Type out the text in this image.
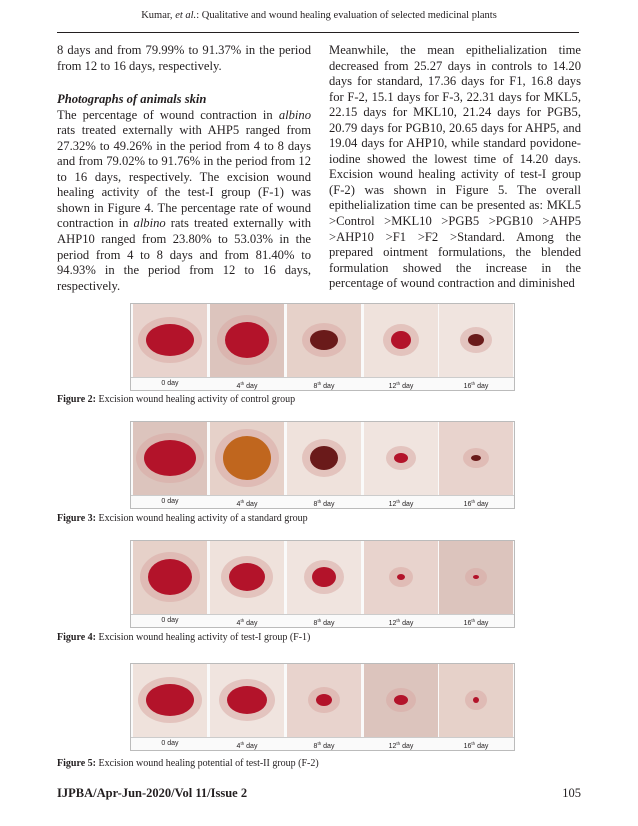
Kumar, et al.: Qualitative and wound healing evaluation of selected medicinal plants

8 days and from 79.99% to 91.37% in the period from 12 to 16 days, respectively.

Photographs of animals skin

The percentage of wound contraction in albino rats treated externally with AHP5 ranged from 27.32% to 49.26% in the period from 4 to 8 days and from 79.02% to 91.76% in the period from 12 to 16 days, respectively. The excision wound healing activity of the test-I group (F-1) was shown in Figure 4. The percentage rate of wound contraction in albino rats treated externally with AHP10 ranged from 23.80% to 53.03% in the period from 4 to 8 days and from 81.40% to 94.93% in the period from 12 to 16 days, respectively.

Meanwhile, the mean epithelialization time decreased from 25.27 days in controls to 14.20 days for standard, 17.36 days for F1, 16.8 days for F-2, 15.1 days for F-3, 22.31 days for MKL5, 22.15 days for MKL10, 21.24 days for PGB5, 20.79 days for PGB10, 20.65 days for AHP5, and 19.04 days for AHP10, while standard povidone-iodine showed the lowest time of 14.20 days. Excision wound healing activity of test-I group (F-2) was shown in Figure 5. The overall epithelialization time can be presented as: MKL5 >Control >MKL10 >PGB5 >PGB10 >AHP5 >AHP10 >F1 >F2 >Standard. Among the prepared ointment formulations, the blended formulation showed the increase in the percentage of wound contraction and diminished

0 day	4th day	8th day	12th day	16th day
Figure 2: Excision wound healing activity of control group
0 day	4th day	8th day	12th day	16th day
Figure 3: Excision wound healing activity of a standard group
0 day	4th day	8th day	12th day	16th day
Figure 4: Excision wound healing activity of test-I group (F-1)
0 day	4th day	8th day	12th day	16th day
Figure 5: Excision wound healing potential of test-II group (F-2)
IJPBA/Apr-Jun-2020/Vol 11/Issue 2	105
